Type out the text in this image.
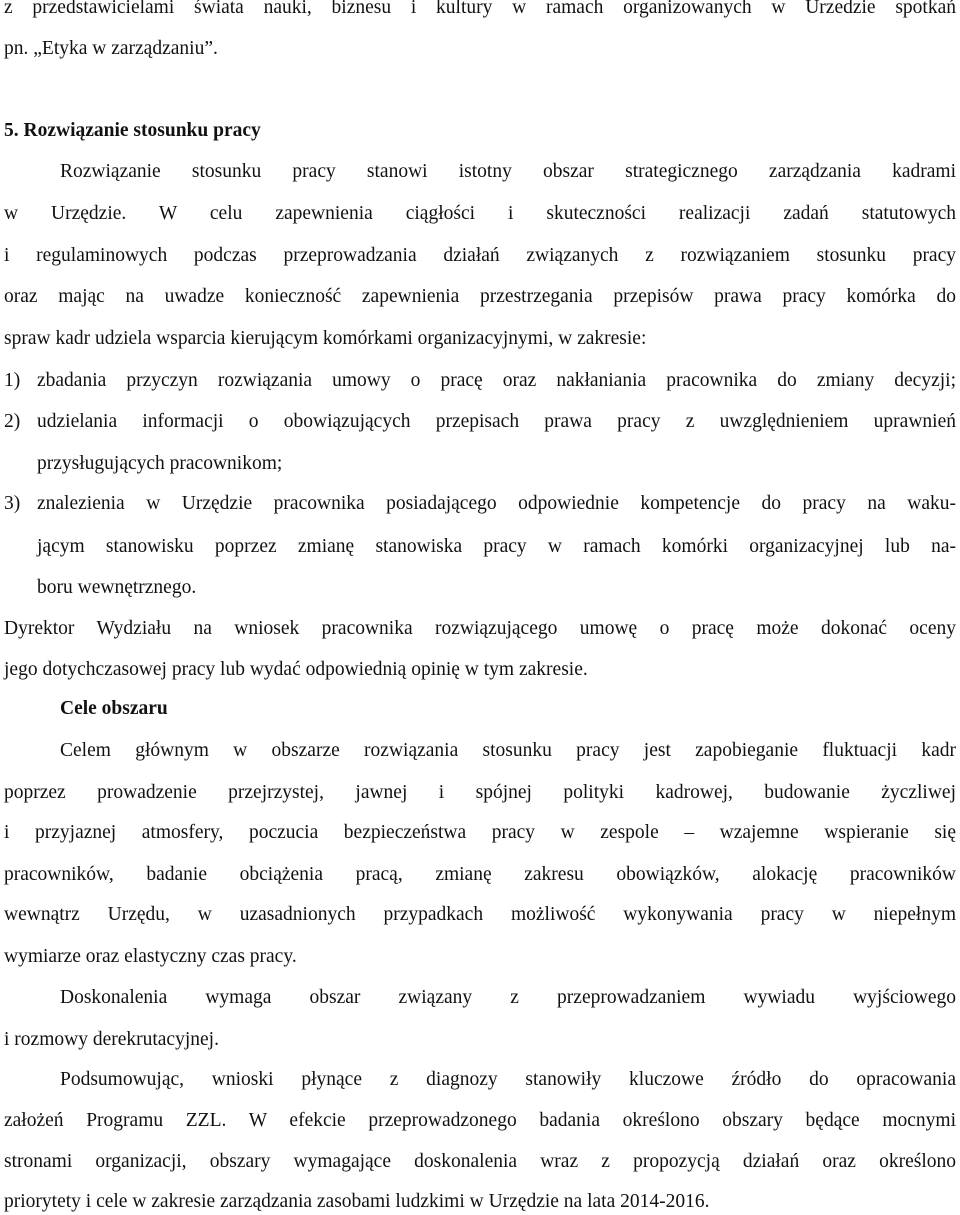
z przedstawicielami świata nauki, biznesu i kultury w ramach organizowanych w Urzedzie spotkań
pn. „Etyka w zarządzaniu”.
5. Rozwiązanie stosunku pracy
Rozwiązanie stosunku pracy stanowi istotny obszar strategicznego zarządzania kadrami
w Urzędzie. W celu zapewnienia ciągłości i skuteczności realizacji zadań statutowych
i regulaminowych podczas przeprowadzania działań związanych z rozwiązaniem stosunku pracy
oraz mając na uwadze konieczność zapewnienia przestrzegania przepisów prawa pracy komórka do
spraw kadr udziela wsparcia kierującym komórkami organizacyjnymi, w zakresie:
1) zbadania przyczyn rozwiązania umowy o pracę oraz nakłaniania pracownika do zmiany decyzji;
2) udzielania informacji o obowiązujących przepisach prawa pracy z uwzględnieniem uprawnień
przysługujących pracownikom;
3) znalezienia w Urzędzie pracownika posiadającego odpowiednie kompetencje do pracy na waku-
jącym stanowisku poprzez zmianę stanowiska pracy w ramach komórki organizacyjnej lub na-
boru wewnętrznego.
Dyrektor Wydziału na wniosek pracownika rozwiązującego umowę o pracę może dokonać oceny
jego dotychczasowej pracy lub wydać odpowiednią opinię w tym zakresie.
Cele obszaru
Celem głównym w obszarze rozwiązania stosunku pracy jest zapobieganie fluktuacji kadr
poprzez prowadzenie przejrzystej, jawnej i spójnej polityki kadrowej, budowanie życzliwej
i przyjaznej atmosfery, poczucia bezpieczeństwa pracy w zespole – wzajemne wspieranie się
pracowników, badanie obciążenia pracą, zmianę zakresu obowiązków, alokację pracowników
wewnątrz Urzędu, w uzasadnionych przypadkach możliwość wykonywania pracy w niepełnym
wymiarze oraz elastyczny czas pracy.
Doskonalenia wymaga obszar związany z przeprowadzaniem wywiadu wyjściowego
i rozmowy derekrutacyjnej.
Podsumowując, wnioski płynące z diagnozy stanowiły kluczowe źródło do opracowania
założeń Programu ZZL. W efekcie przeprowadzonego badania określono obszary będące mocnymi
stronami organizacji, obszary wymagające doskonalenia wraz z propozycją działań oraz określono
priorytety i cele w zakresie zarządzania zasobami ludzkimi w Urzędzie na lata 2014-2016.
